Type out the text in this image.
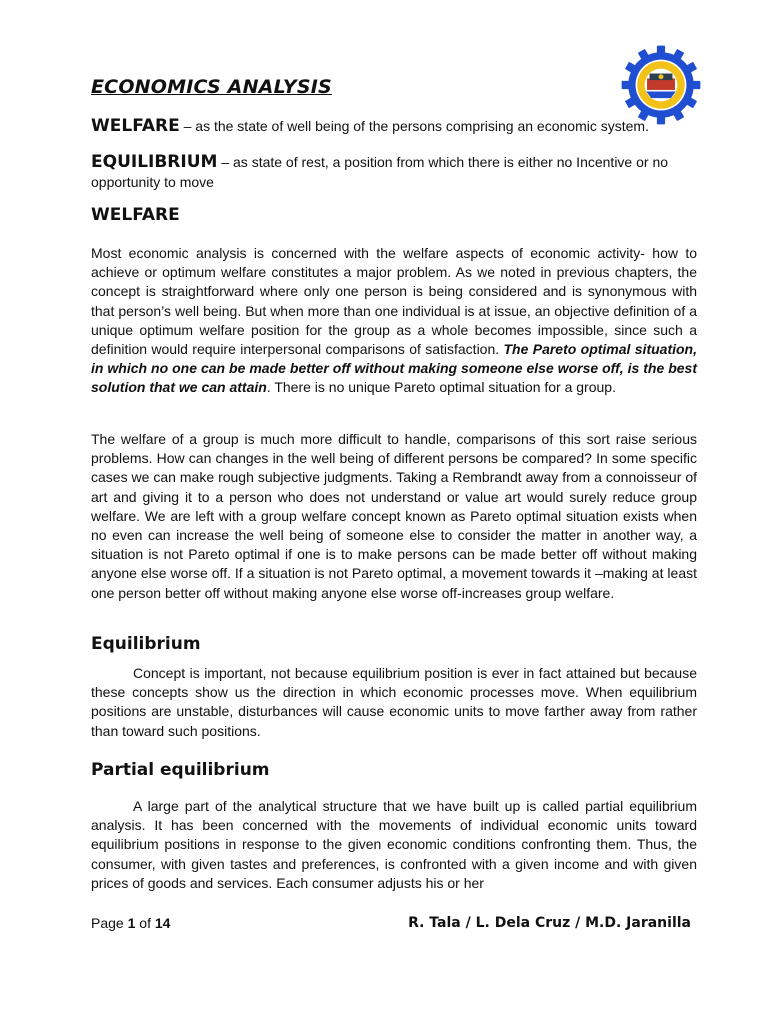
ECONOMICS ANALYSIS

WELFARE – as the state of well being of the persons comprising an economic system.

EQUILIBRIUM – as state of rest, a position from which there is either no Incentive or no opportunity to move

WELFARE

Most economic analysis is concerned with the welfare aspects of economic activity- how to achieve or optimum welfare constitutes a major problem. As we noted in previous chapters, the concept is straightforward where only one person is being considered and is synonymous with that person’s well being. But when more than one individual is at issue, an objective definition of a unique optimum welfare position for the group as a whole becomes impossible, since such a definition would require interpersonal comparisons of satisfaction. The Pareto optimal situation, in which no one can be made better off without making someone else worse off, is the best solution that we can attain. There is no unique Pareto optimal situation for a group.

The welfare of a group is much more difficult to handle, comparisons of this sort raise serious problems. How can changes in the well being of different persons be compared? In some specific cases we can make rough subjective judgments. Taking a Rembrandt away from a connoisseur of art and giving it to a person who does not understand or value art would surely reduce group welfare. We are left with a group welfare concept known as Pareto optimal situation exists when no even can increase the well being of someone else to consider the matter in another way, a situation is not Pareto optimal if one is to make persons can be made better off without making anyone else worse off. If a situation is not Pareto optimal, a movement towards it –making at least one person better off without making anyone else worse off-increases group welfare.

Equilibrium

Concept is important, not because equilibrium position is ever in fact attained but because these concepts show us the direction in which economic processes move. When equilibrium positions are unstable, disturbances will cause economic units to move farther away from rather than toward such positions.

Partial equilibrium

A large part of the analytical structure that we have built up is called partial equilibrium analysis. It has been concerned with the movements of individual economic units toward equilibrium positions in response to the given economic conditions confronting them. Thus, the consumer, with given tastes and preferences, is confronted with a given income and with given prices of goods and services. Each consumer adjusts his or her

Page 1 of 14	R. Tala / L. Dela Cruz / M.D. Jaranilla
